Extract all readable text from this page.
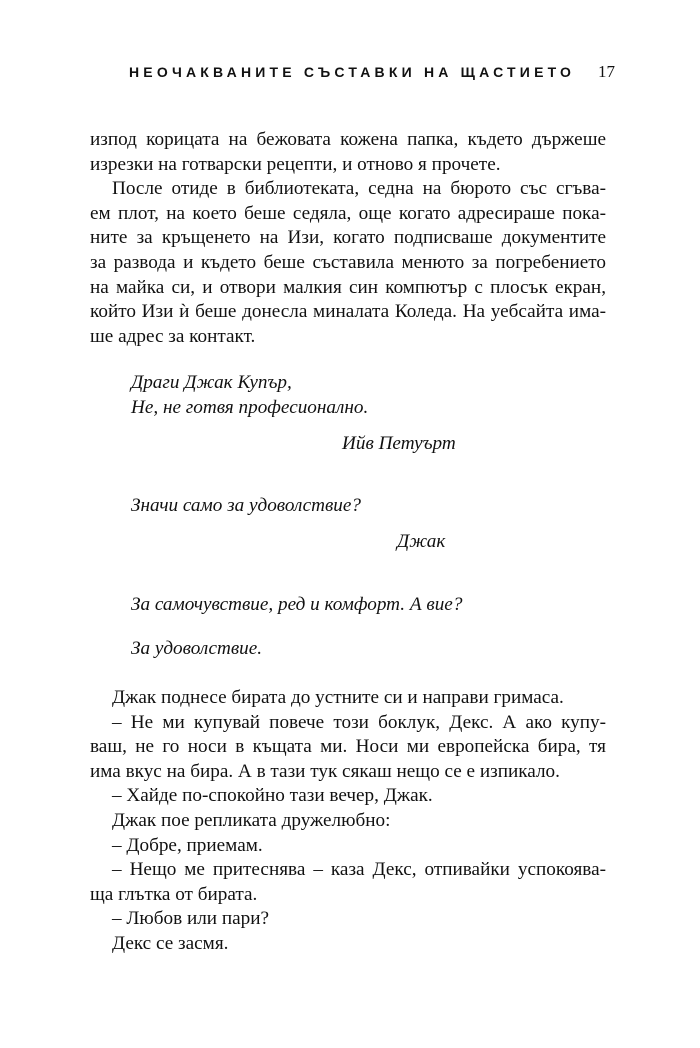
НЕОЧАКВАНИТЕ СЪСТАВКИ НА ЩАСТИЕТО 17

изпод корицата на бежовата кожена папка, където държеше

изрезки на готварски рецепти, и отново я прочете.

После отиде в библиотеката, седна на бюрото със сгъва-

ем плот, на което беше седяла, още когато адресираше пока-

ните за кръщенето на Изи, когато подписваше документите

за развода и където беше съставила менюто за погребението

на майка си, и отвори малкия син компютър с плосък екран,

който Изи ѝ беше донесла миналата Коледа. На уебсайта има-

ше адрес за контакт.

Драги Джак Купър,
Не, не готвя професионално.
Ийв Петуърт
Значи само за удоволствие?
Джак
За самочувствие, ред и комфорт. А вие?
За удоволствие.

Джак поднесе бирата до устните си и направи гримаса.

– Не ми купувай повече този боклук, Декс. А ако купу-

ваш, не го носи в къщата ми. Носи ми европейска бира, тя

има вкус на бира. А в тази тук сякаш нещо се е изпикало.

– Хайде по-спокойно тази вечер, Джак.

Джак пое репликата дружелюбно:

– Добре, приемам.

– Нещо ме притеснява – каза Декс, отпивайки успокоява-

ща глътка от бирата.

– Любов или пари?

Декс се засмя.
